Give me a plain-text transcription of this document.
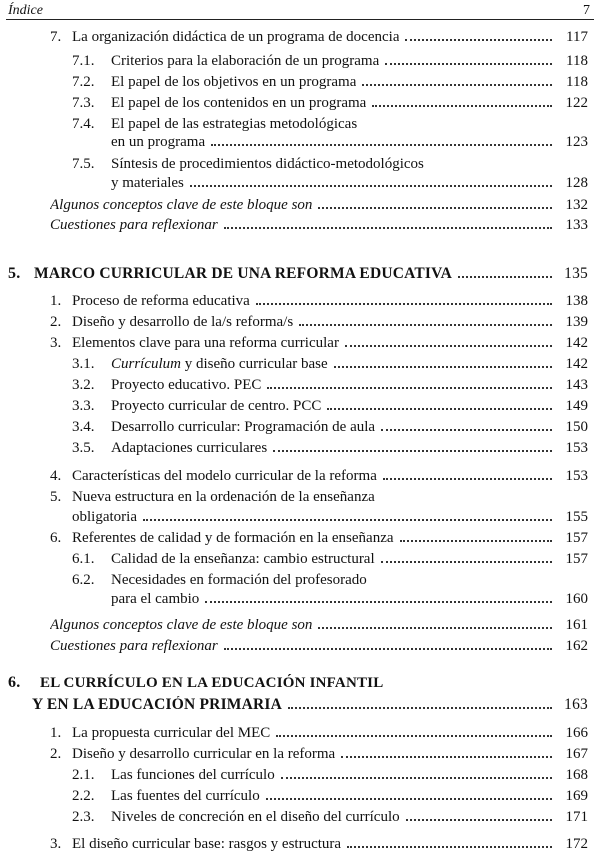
Índice	7
7. La organización didáctica de un programa de docencia	117
7.1. Criterios para la elaboración de un programa	118
7.2. El papel de los objetivos en un programa	118
7.3. El papel de los contenidos en un programa	122
7.4. El papel de las estrategias metodológicas
en un programa	123
7.5. Síntesis de procedimientos didáctico-metodológicos
y materiales	128
Algunos conceptos clave de este bloque son	132
Cuestiones para reflexionar	133
5. MARCO CURRICULAR DE UNA REFORMA EDUCATIVA	135
1. Proceso de reforma educativa	138
2. Diseño y desarrollo de la/s reforma/s	139
3. Elementos clave para una reforma curricular	142
3.1. Currículum y diseño curricular base	142
3.2. Proyecto educativo. PEC	143
3.3. Proyecto curricular de centro. PCC	149
3.4. Desarrollo curricular: Programación de aula	150
3.5. Adaptaciones curriculares	153
4. Características del modelo curricular de la reforma	153
5. Nueva estructura en la ordenación de la enseñanza
obligatoria	155
6. Referentes de calidad y de formación en la enseñanza	157
6.1. Calidad de la enseñanza: cambio estructural	157
6.2. Necesidades en formación del profesorado
para el cambio	160
Algunos conceptos clave de este bloque son	161
Cuestiones para reflexionar	162
6. EL CURRÍCULO EN LA EDUCACIÓN INFANTIL
Y EN LA EDUCACIÓN PRIMARIA	163
1. La propuesta curricular del MEC	166
2. Diseño y desarrollo curricular en la reforma	167
2.1. Las funciones del currículo	168
2.2. Las fuentes del currículo	169
2.3. Niveles de concreción en el diseño del currículo	171
3. El diseño curricular base: rasgos y estructura	172
